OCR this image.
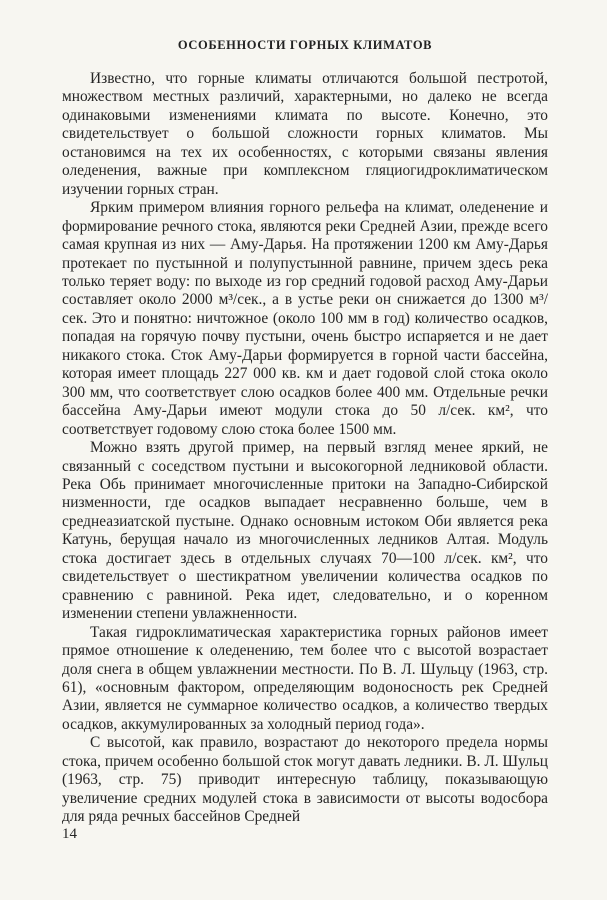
ОСОБЕННОСТИ ГОРНЫХ КЛИМАТОВ

Известно, что горные климаты отличаются большой пестротой, множеством местных различий, характерными, но далеко не всегда одинаковыми изменениями климата по высоте. Конечно, это свидетельствует о большой сложности горных климатов. Мы остановимся на тех их особенностях, с которыми связаны явления оледенения, важные при комплексном гляциогидроклиматическом изучении горных стран.

Ярким примером влияния горного рельефа на климат, оледенение и формирование речного стока, являются реки Средней Азии, прежде всего самая крупная из них — Аму-Дарья. На протяжении 1200 км Аму-Дарья протекает по пустынной и полупустынной равнине, причем здесь река только теряет воду: по выходе из гор средний годовой расход Аму-Дарьи составляет около 2000 м³/сек., а в устье реки он снижается до 1300 м³/сек. Это и понятно: ничтожное (около 100 мм в год) количество осадков, попадая на горячую почву пустыни, очень быстро испаряется и не дает никакого стока. Сток Аму-Дарьи формируется в горной части бассейна, которая имеет площадь 227 000 кв. км и дает годовой слой стока около 300 мм, что соответствует слою осадков более 400 мм. Отдельные речки бассейна Аму-Дарьи имеют модули стока до 50 л/сек. км², что соответствует годовому слою стока более 1500 мм.

Можно взять другой пример, на первый взгляд менее яркий, не связанный с соседством пустыни и высокогорной ледниковой области. Река Обь принимает многочисленные притоки на Западно-Сибирской низменности, где осадков выпадает несравненно больше, чем в среднеазиатской пустыне. Однако основным истоком Оби является река Катунь, берущая начало из многочисленных ледников Алтая. Модуль стока достигает здесь в отдельных случаях 70—100 л/сек. км², что свидетельствует о шестикратном увеличении количества осадков по сравнению с равниной. Река идет, следовательно, и о коренном изменении степени увлажненности.

Такая гидроклиматическая характеристика горных районов имеет прямое отношение к оледенению, тем более что с высотой возрастает доля снега в общем увлажнении местности. По В. Л. Шульцу (1963, стр. 61), «основным фактором, определяющим водоносность рек Средней Азии, является не суммарное количество осадков, а количество твердых осадков, аккумулированных за холодный период года».

С высотой, как правило, возрастают до некоторого предела нормы стока, причем особенно большой сток могут давать ледники. В. Л. Шульц (1963, стр. 75) приводит интересную таблицу, показывающую увеличение средних модулей стока в зависимости от высоты водосбора для ряда речных бассейнов Средней

14
